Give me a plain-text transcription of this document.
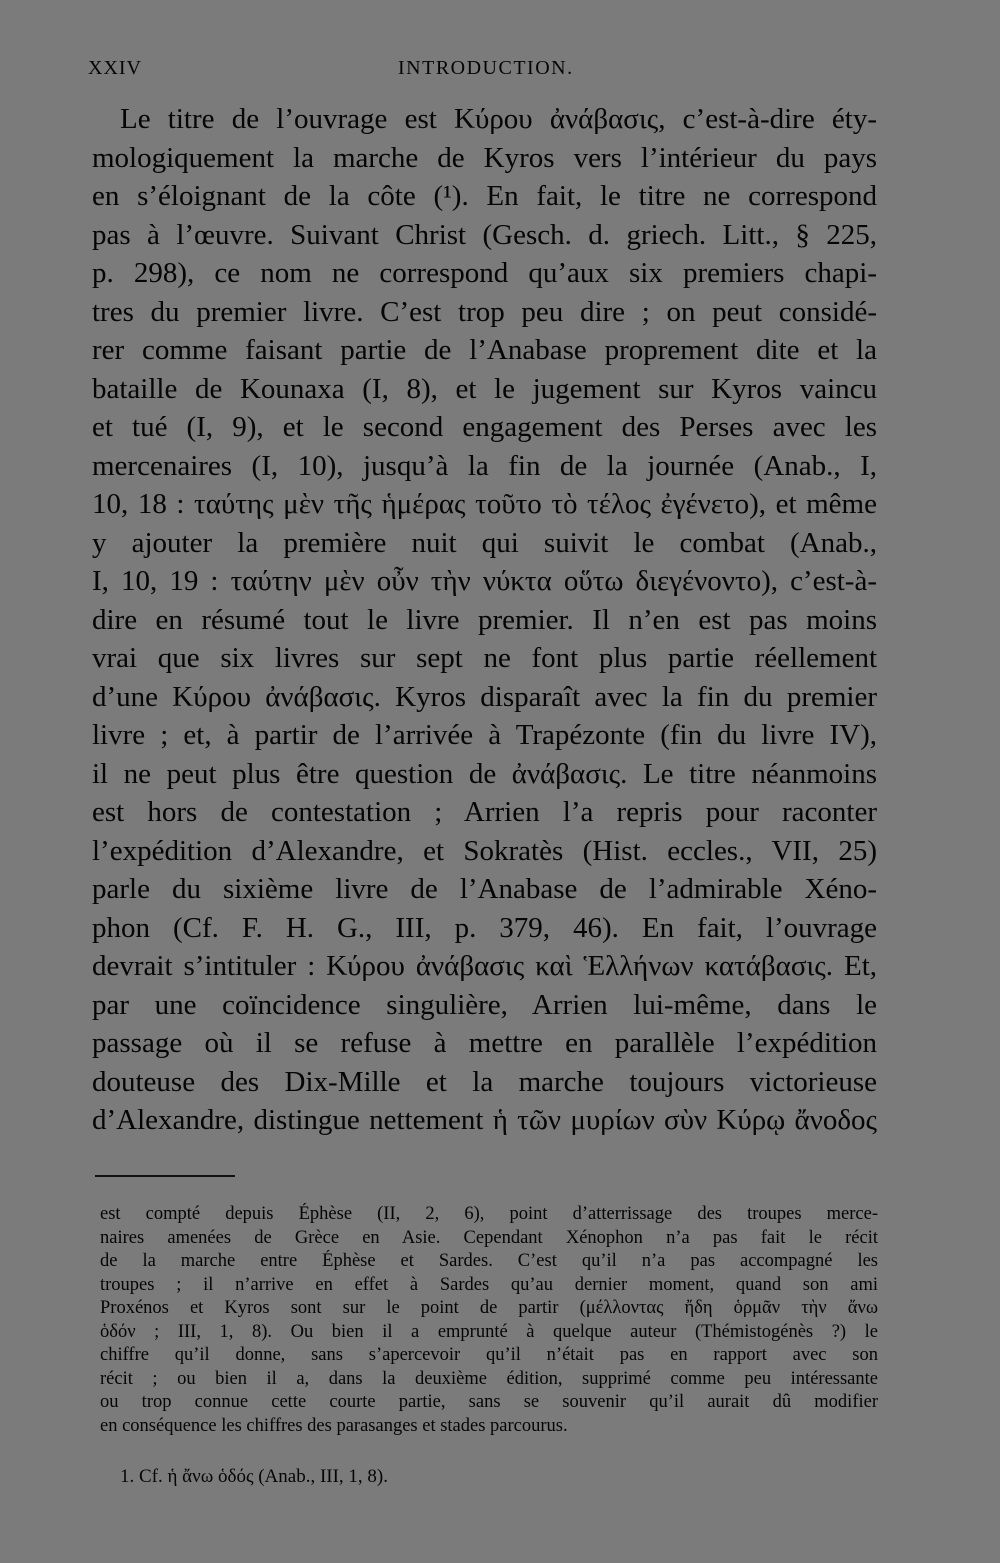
XXIV	INTRODUCTION.
Le titre de l’ouvrage est Κύρου ἀνάβασις, c’est-à-dire éty-
mologiquement la marche de Kyros vers l’intérieur du pays
en s’éloignant de la côte (¹). En fait, le titre ne correspond
pas à l’œuvre. Suivant Christ (Gesch. d. griech. Litt., § 225,
p. 298), ce nom ne correspond qu’aux six premiers chapi-
tres du premier livre. C’est trop peu dire ; on peut considé-
rer comme faisant partie de l’Anabase proprement dite et la
bataille de Kounaxa (I, 8), et le jugement sur Kyros vaincu
et tué (I, 9), et le second engagement des Perses avec les
mercenaires (I, 10), jusqu’à la fin de la journée (Anab., I,
10, 18 : ταύτης μὲν τῆς ἡμέρας τοῦτο τὸ τέλος ἐγένετο), et même
y ajouter la première nuit qui suivit le combat (Anab.,
I, 10, 19 : ταύτην μὲν οὖν τὴν νύκτα οὕτω διεγένοντο), c’est-à-
dire en résumé tout le livre premier. Il n’en est pas moins
vrai que six livres sur sept ne font plus partie réellement
d’une Κύρου ἀνάβασις. Kyros disparaît avec la fin du premier
livre ; et, à partir de l’arrivée à Trapézonte (fin du livre IV),
il ne peut plus être question de ἀνάβασις. Le titre néanmoins
est hors de contestation ; Arrien l’a repris pour raconter
l’expédition d’Alexandre, et Sokratès (Hist. eccles., VII, 25)
parle du sixième livre de l’Anabase de l’admirable Xéno-
phon (Cf. F. H. G., III, p. 379, 46). En fait, l’ouvrage
devrait s’intituler : Κύρου ἀνάβασις καὶ Ἑλλήνων κατάβασις. Et,
par une coïncidence singulière, Arrien lui-même, dans le
passage où il se refuse à mettre en parallèle l’expédition
douteuse des Dix-Mille et la marche toujours victorieuse
d’Alexandre, distingue nettement ἡ τῶν μυρίων σὺν Κύρῳ ἄνοδος
est compté depuis Éphèse (II, 2, 6), point d’atterrissage des troupes merce-
naires amenées de Grèce en Asie. Cependant Xénophon n’a pas fait le récit
de la marche entre Éphèse et Sardes. C’est qu’il n’a pas accompagné les
troupes ; il n’arrive en effet à Sardes qu’au dernier moment, quand son ami
Proxénos et Kyros sont sur le point de partir (μέλλοντας ἤδη ὁρμᾶν τὴν ἄνω
ὁδόν ; III, 1, 8). Ou bien il a emprunté à quelque auteur (Thémistogénès ?) le
chiffre qu’il donne, sans s’apercevoir qu’il n’était pas en rapport avec son
récit ; ou bien il a, dans la deuxième édition, supprimé comme peu intéressante
ou trop connue cette courte partie, sans se souvenir qu’il aurait dû modifier
en conséquence les chiffres des parasanges et stades parcourus.
1. Cf. ἡ ἄνω ὁδός (Anab., III, 1, 8).
